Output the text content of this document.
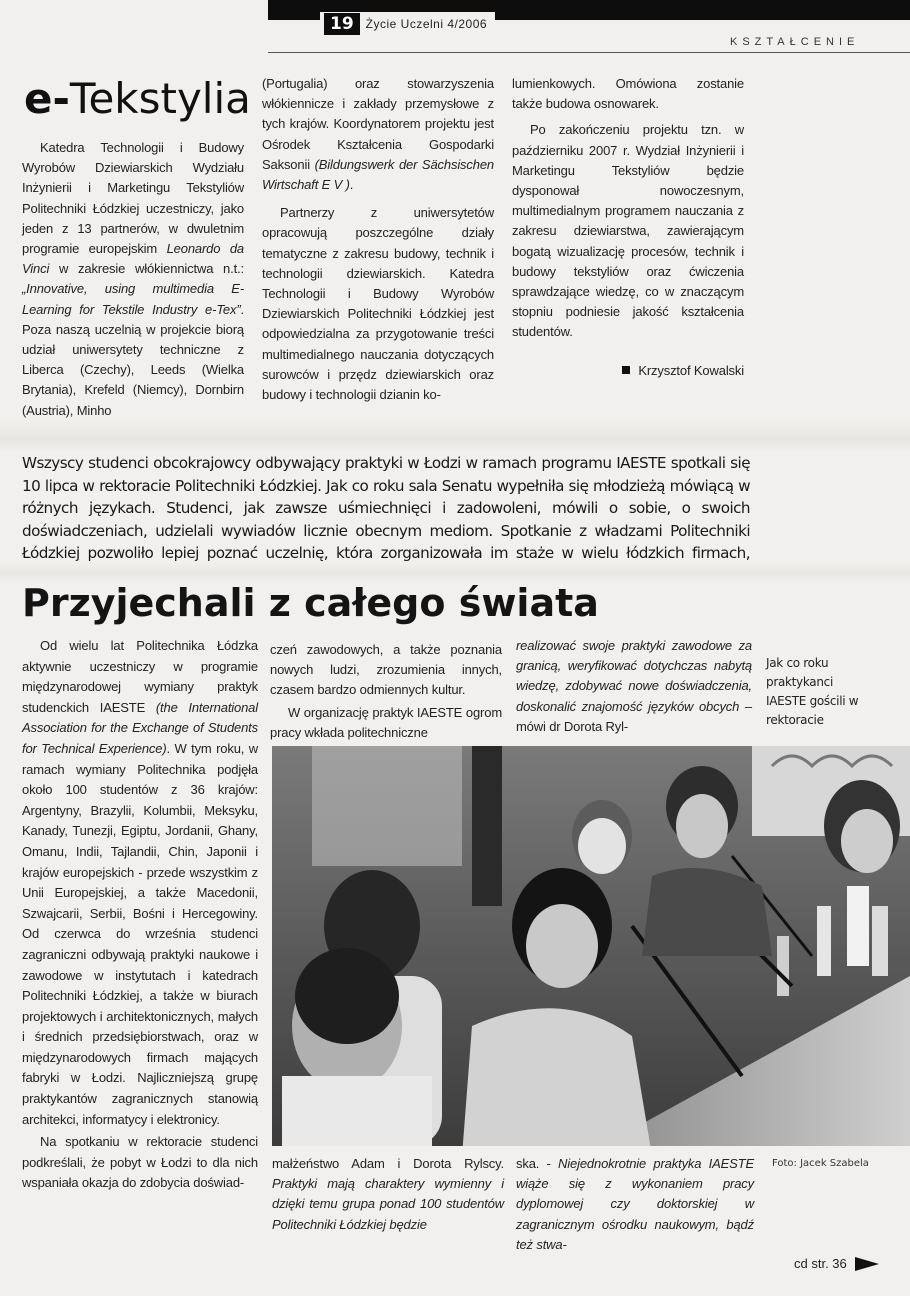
19	Życie Uczelni 4/2006
KSZTAŁCENIE
e-Tekstylia

Katedra Technologii i Budowy Wyrobów Dziewiarskich Wydziału Inżynierii i Marketingu Tekstyliów Politechniki Łódzkiej uczestniczy, jako jeden z 13 partnerów, w dwuletnim programie europejskim Leonardo da Vinci w zakresie włókiennictwa n.t.: „Innovative, using multimedia E-Learning for Tekstile Industry e-Tex”. Poza naszą uczelnią w projekcie biorą udział uniwersytety techniczne z Liberca (Czechy), Leeds (Wielka Brytania), Krefeld (Niemcy), Dornbirn (Austria), Minho

(Portugalia) oraz stowarzyszenia włókiennicze i zakłady przemysłowe z tych krajów. Koordynatorem projektu jest Ośrodek Kształcenia Gospodarki Saksonii (Bildungswerk der Sächsischen Wirtschaft E V ).

Partnerzy z uniwersytetów opracowują poszczególne działy tematyczne z zakresu budowy, technik i technologii dziewiarskich. Katedra Technologii i Budowy Wyrobów Dziewiarskich Politechniki Łódzkiej jest odpowiedzialna za przygotowanie treści multimedialnego nauczania dotyczących surowców i przędz dziewiarskich oraz budowy i technologii dzianin ko-

lumienkowych. Omówiona zostanie także budowa osnowarek.

Po zakończeniu projektu tzn. w październiku 2007 r. Wydział Inżynierii i Marketingu Tekstyliów będzie dysponował nowoczesnym, multimedialnym programem nauczania z zakresu dziewiarstwa, zawierającym bogatą wizualizację procesów, technik i budowy tekstyliów oraz ćwiczenia sprawdzające wiedzę, co w znaczącym stopniu podniesie jakość kształcenia studentów.

Krzysztof Kowalski

Wszyscy studenci obcokrajowcy odbywający praktyki w Łodzi w ramach programu IAESTE spotkali się 10 lipca w rektoracie Politechniki Łódzkiej. Jak co roku sala Senatu wypełniła się młodzieżą mówiącą w różnych językach. Studenci, jak zawsze uśmiechnięci i zadowoleni, mówili o sobie, o swoich doświadczeniach, udzielali wywiadów licznie obecnym mediom. Spotkanie z władzami Politechniki Łódzkiej pozwoliło lepiej poznać uczelnię, która zorganizowała im staże w wielu łódzkich firmach,
Przyjechali z całego świata

Od wielu lat Politechnika Łódzka aktywnie uczestniczy w programie międzynarodowej wymiany praktyk studenckich IAESTE (the International Association for the Exchange of Students for Technical Experience). W tym roku, w ramach wymiany Politechnika podjęła około 100 studentów z 36 krajów: Argentyny, Brazylii, Kolumbii, Meksyku, Kanady, Tunezji, Egiptu, Jordanii, Ghany, Omanu, Indii, Tajlandii, Chin, Japonii i krajów europejskich - przede wszystkim z Unii Europejskiej, a także Macedonii, Szwajcarii, Serbii, Bośni i Hercegowiny. Od czerwca do września studenci zagraniczni odbywają praktyki naukowe i zawodowe w instytutach i katedrach Politechniki Łódzkiej, a także w biurach projektowych i architektonicznych, małych i średnich przedsiębiorstwach, oraz w międzynarodowych firmach mających fabryki w Łodzi. Najliczniejszą grupę praktykantów zagranicznych stanowią architekci, informatycy i elektronicy.

Na spotkaniu w rektoracie studenci podkreślali, że pobyt w Łodzi to dla nich wspaniała okazja do zdobycia doświad-

czeń zawodowych, a także poznania nowych ludzi, zrozumienia innych, czasem bardzo odmiennych kultur.

W organizację praktyk IAESTE ogrom pracy wkłada politechniczne

realizować swoje praktyki zawodowe za granicą, weryfikować dotychczas nabytą wiedzę, zdobywać nowe doświadczenia, doskonalić znajomość języków obcych – mówi dr Dorota Ryl-

Jak co roku praktykanci IAESTE gościli w rektoracie
Foto: Jacek Szabela

małżeństwo Adam i Dorota Rylscy. Praktyki mają charaktery wymienny i dzięki temu grupa ponad 100 studentów Politechniki Łódzkiej będzie

ska. - Niejednokrotnie praktyka IAESTE wiąże się z wykonaniem pracy dyplomowej czy doktorskiej w zagranicznym ośrodku naukowym, bądź też stwa-

cd str. 36
